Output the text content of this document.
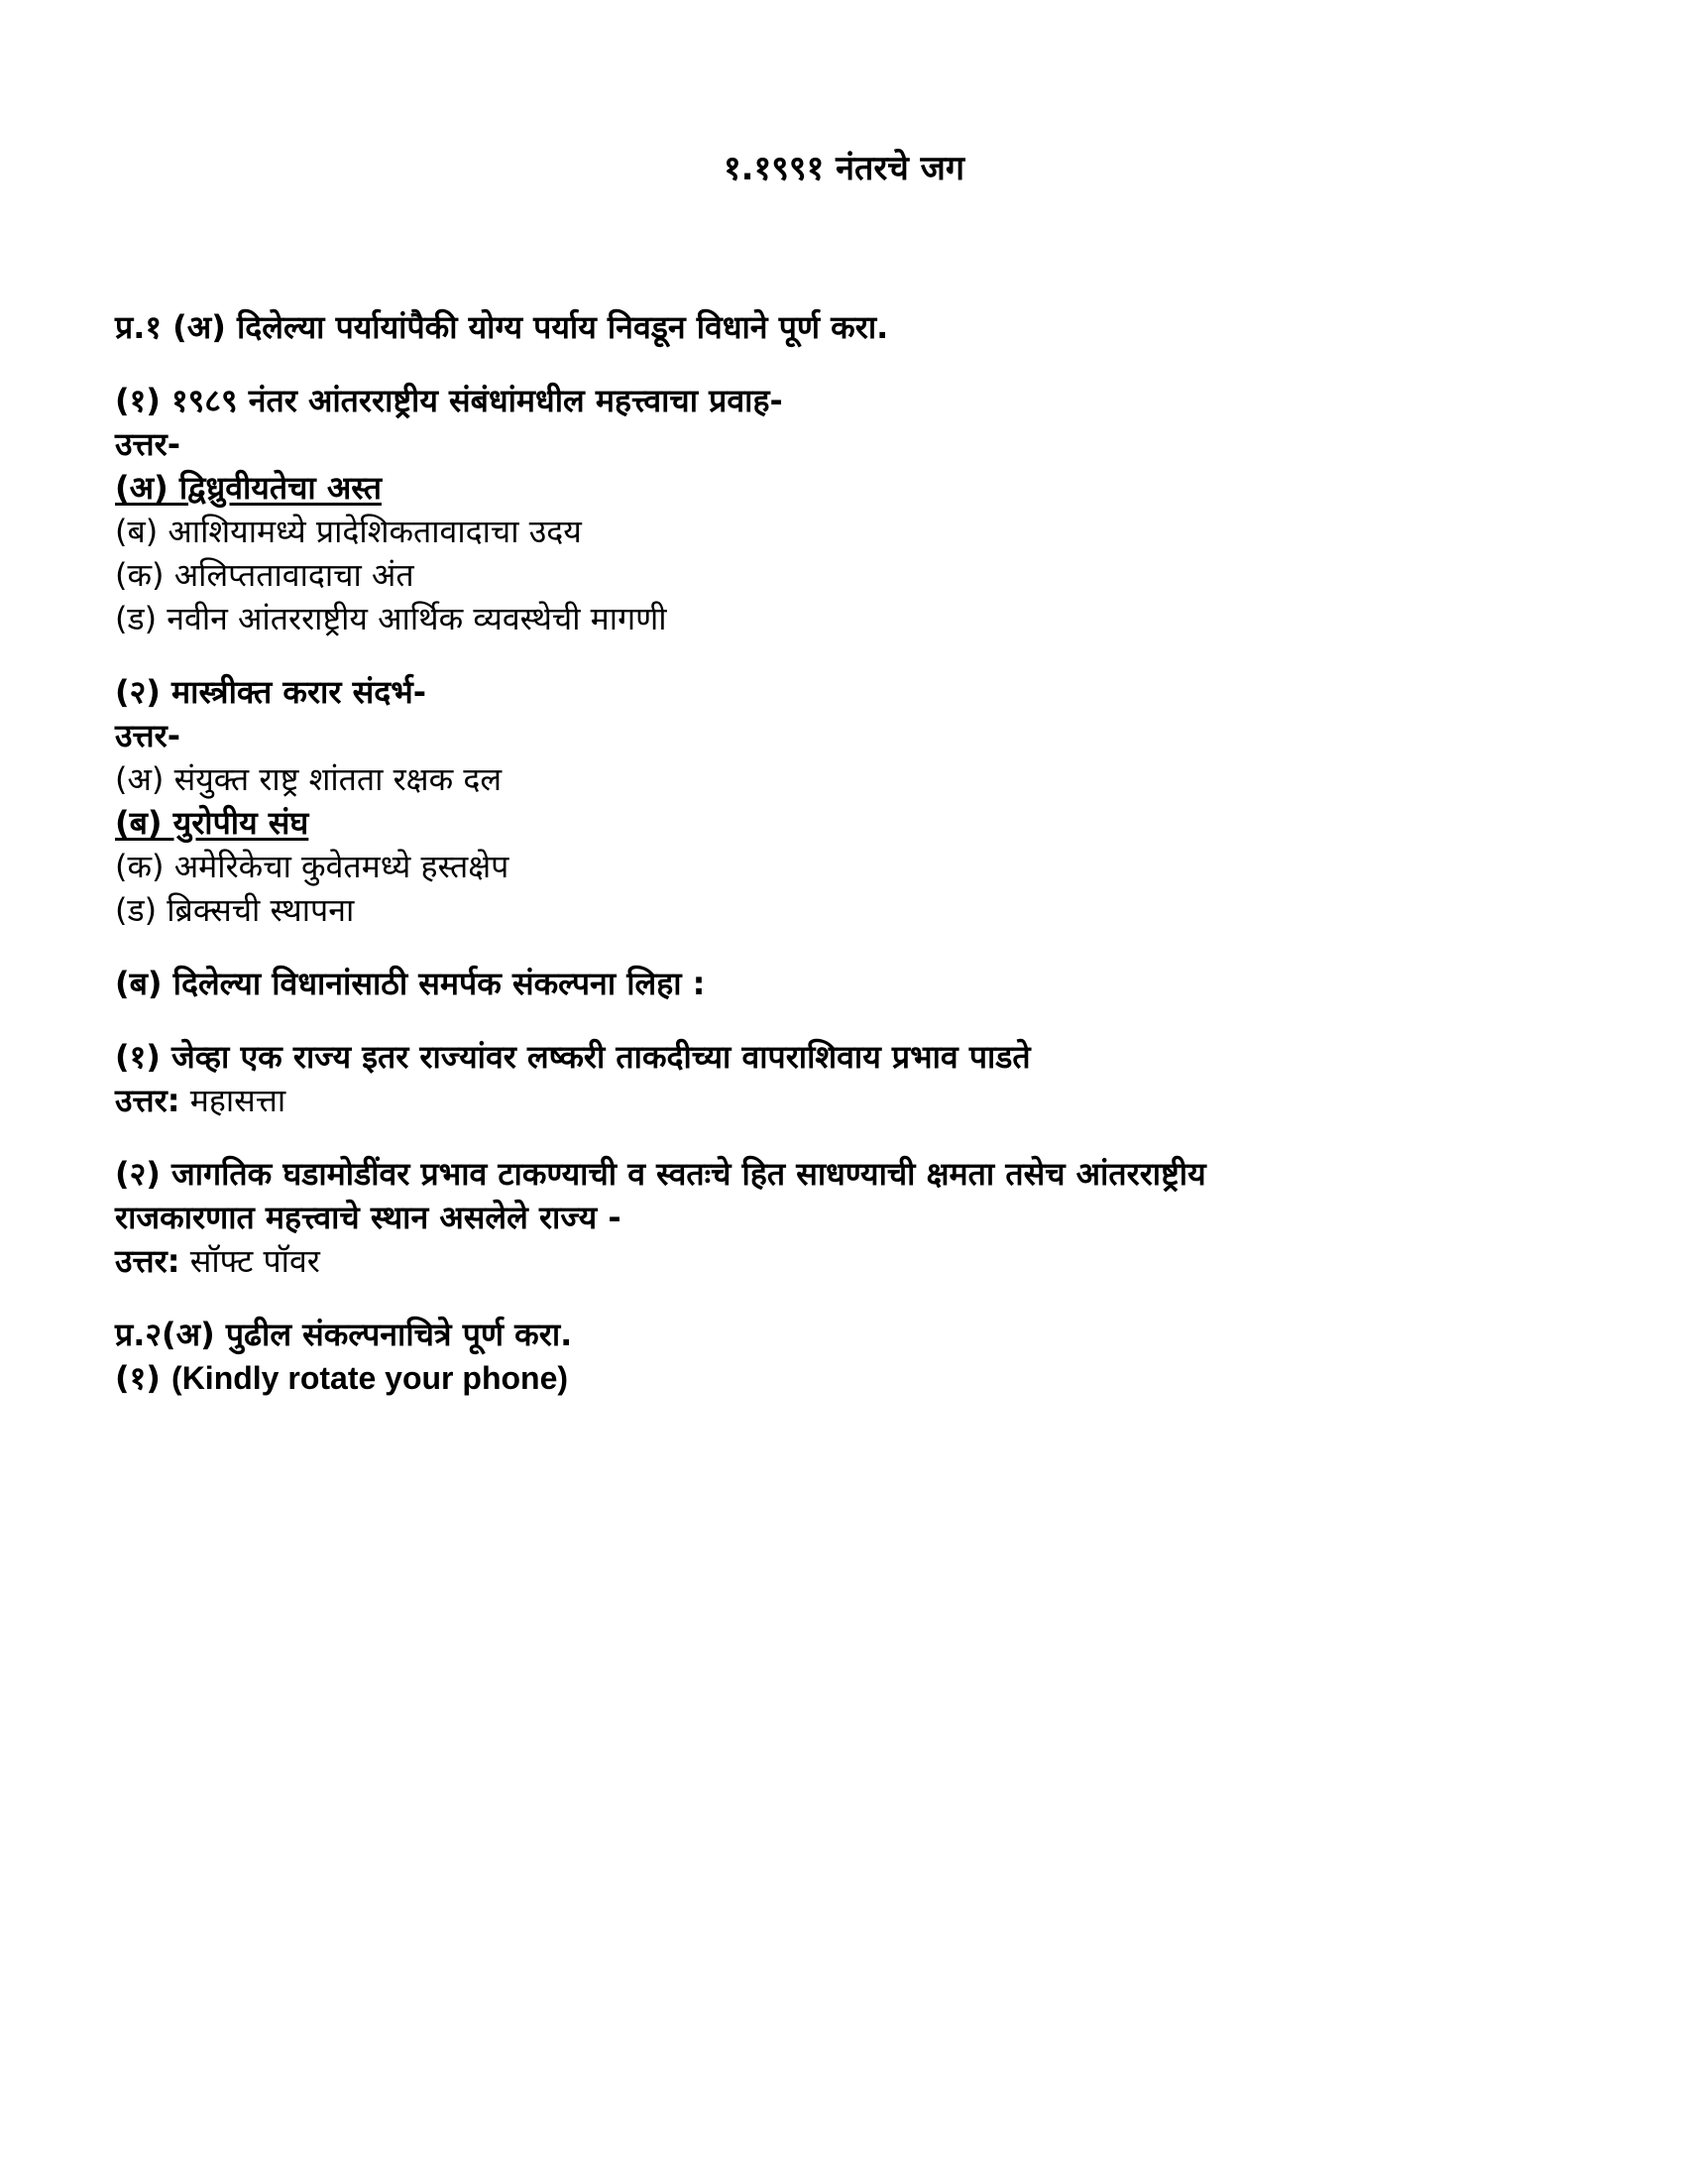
१.१९९१ नंतरचे जग
प्र.१ (अ) दिलेल्या पर्यायांपैकी योग्य पर्याय निवडून विधाने पूर्ण करा.
(१) १९८९ नंतर आंतरराष्ट्रीय संबंधांमधील महत्त्वाचा प्रवाह-
उत्तर-
(अ) द्विध्रुवीयतेचा अस्त
(ब) आशियामध्ये प्रादेशिकतावादाचा उदय
(क) अलिप्ततावादाचा अंत
(ड) नवीन आंतरराष्ट्रीय आर्थिक व्यवस्थेची मागणी
(२) मास्त्रीक्त करार संदर्भ-
उत्तर-
(अ) संयुक्त राष्ट्र शांतता रक्षक दल
(ब) युरोपीय संघ
(क) अमेरिकेचा कुवेतमध्ये हस्तक्षेप
(ड) ब्रिक्सची स्थापना
(ब) दिलेल्या विधानांसाठी समर्पक संकल्पना लिहा :
(१) जेव्हा एक राज्य इतर राज्यांवर लष्करी ताकदीच्या वापराशिवाय प्रभाव पाडते
उत्तर: महासत्ता
(२) जागतिक घडामोडींवर प्रभाव टाकण्याची व स्वतःचे हित साधण्याची क्षमता तसेच आंतरराष्ट्रीय
राजकारणात महत्त्वाचे स्थान असलेले राज्य -
उत्तर: सॉफ्ट पॉवर
प्र.२(अ) पुढील संकल्पनाचित्रे पूर्ण करा.
(१) (Kindly rotate your phone)
